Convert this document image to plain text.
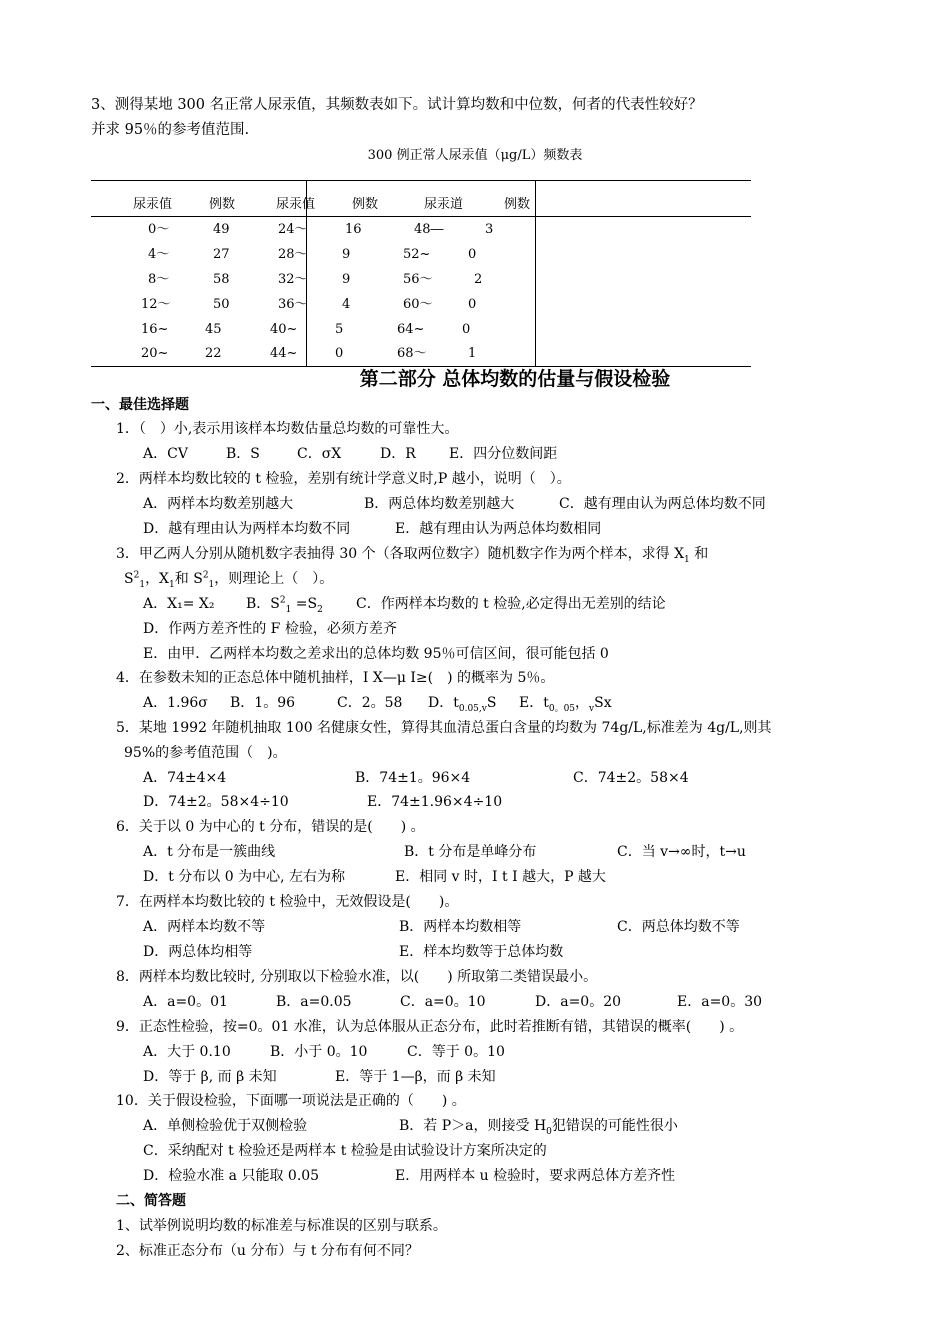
3、测得某地 300 名正常人尿汞值，其频数表如下。试计算均数和中位数，何者的代表性较好？
并求 95％的参考值范围.
300 例正常人尿汞值（μg/L）频数表
尿汞值	例数	尿汞值	例数	尿汞道	例数
0～	49	24～	16	48―	3
4～	27	28～	9	52~	0
8～	58	32～	9	56～	2
12～	50	36～	4	60～	0
16~	45	40~	5	64~	0
20~	22	44~	0	68～	1
第二部分 总体均数的估量与假设检验
一、最佳选择题
1．（　）小,表示用该样本均数估量总均数的可靠性大。
A．CV	B．S	C．σX	D．R E．四分位数间距
2．两样本均数比较的 t 检验，差别有统计学意义时,P 越小，说明（　）。
A．两样本均数差别越大	B．两总体均数差别越大	C．越有理由认为两总体均数不同
D．越有理由认为两样本均数不同	E．越有理由认为两总体均数相同
3．甲乙两人分别从随机数字表抽得 30 个（各取两位数字）随机数字作为两个样本，求得 $X_1$ 和
$S^2_1$，$X_1$和 $S^2_1$，则理论上（　）。
A．X₁= X₂ B．$S^2_1 =S_2$ C．作两样本均数的 t 检验,必定得出无差别的结论
D．作两方差齐性的 F 检验，必须方差齐
E．由甲．乙两样本均数之差求出的总体均数 95％可信区间，很可能包括 0
4．在参数未知的正态总体中随机抽样，I X—μ I≥(　) 的概率为 5％。
A．1.96σ B．1。96	C．2。58 D．$t_{0.05,v}S$ E．$t_{0。05}$，$_v$Sx
5．某地 1992 年随机抽取 100 名健康女性，算得其血清总蛋白含量的均数为 74g/L,标准差为 4g/L,则其
95%的参考值范围（　)。
A．74±4×4	B．74±1。96×4	C．74±2。58×4
D．74±2。58×4÷10	E．74±1.96×4÷10
6．关于以 0 为中心的 t 分布，错误的是(　　) 。
A．t 分布是一簇曲线	B．t 分布是单峰分布	C．当 v→∞时，t→u
D．t 分布以 0 为中心, 左右为称	E．相同 v 时，I t I 越大，P 越大
7．在两样本均数比较的 t 检验中，无效假设是(　　)。
A．两样本均数不等	B．两样本均数相等	C．两总体均数不等
D．两总体均相等	E．样本均数等于总体均数
8．两样本均数比较时, 分别取以下检验水准，以(　　) 所取第二类错误最小。
A．a=0。01	B．a=0.05	C．a=0。10	D．a=0。20	E．a=0。30
9．正态性检验，按=0。01 水准，认为总体服从正态分布，此时若推断有错，其错误的概率(　　) 。
A．大于 0.10	B．小于 0。10	C．等于 0。10
D．等于 β, 而 β 未知	E．等于 1—β，而 β 未知
10．关于假设检验，下面哪一项说法是正确的（　　) 。
A．单侧检验优于双侧检验	B．若 P＞a，则接受 $H_0$犯错误的可能性很小
C．采纳配对 t 检验还是两样本 t 检验是由试验设计方案所决定的
D．检验水准 a 只能取 0.05	E．用两样本 u 检验时，要求两总体方差齐性
二、简答题
1、试举例说明均数的标准差与标准误的区别与联系。
2、标准正态分布（u 分布）与 t 分布有何不同？
